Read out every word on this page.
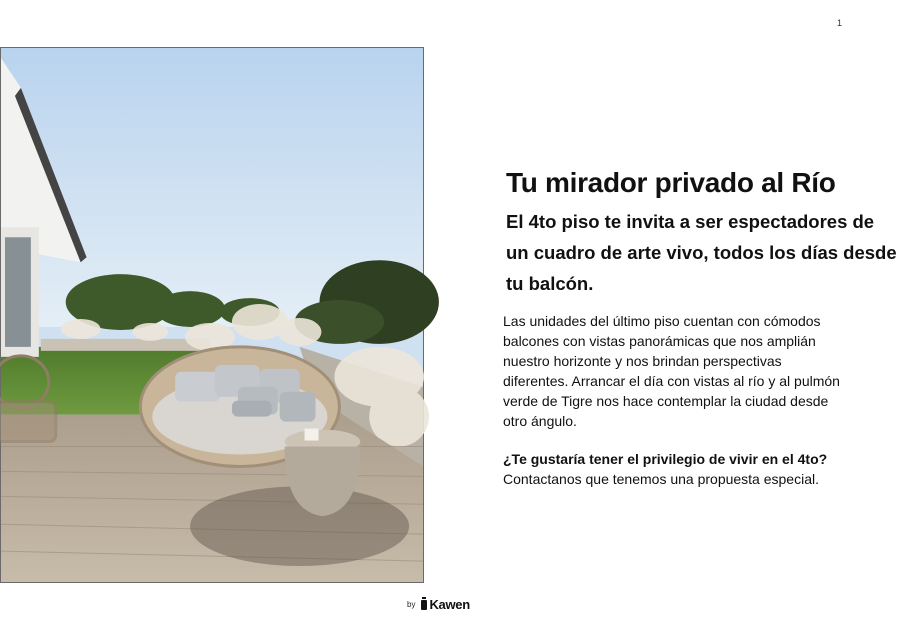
1
Tu mirador privado al Río

El 4to piso te invita a ser espectadores de
un cuadro de arte vivo, todos los días desde
tu balcón.

Las unidades del último piso cuentan con cómodos
balcones con vistas panorámicas que nos amplián
nuestro horizonte y nos brindan perspectivas
diferentes. Arrancar el día con vistas al río y al pulmón
verde de Tigre nos hace contemplar la ciudad desde
otro ángulo.

¿Te gustaría tener el privilegio de vivir en el 4to?
Contactanos que tenemos una propuesta especial.

by Kawen
